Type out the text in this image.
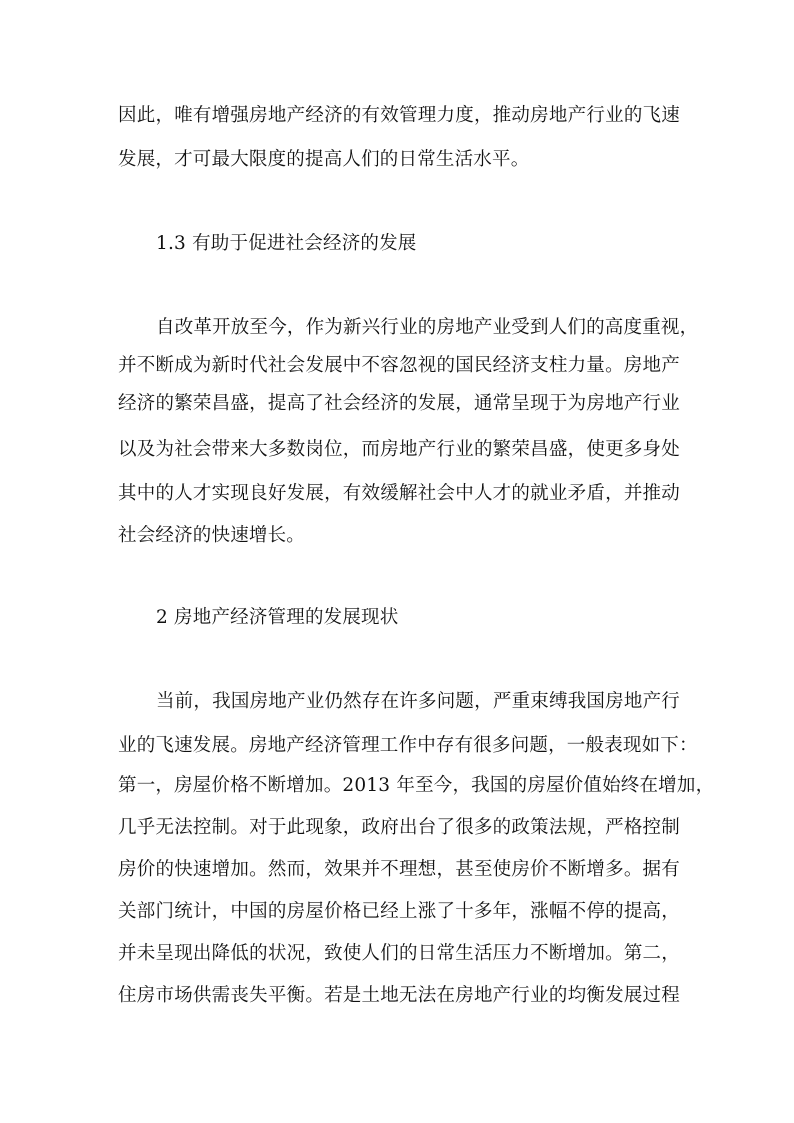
因此，唯有增强房地产经济的有效管理力度，推动房地产行业的飞速
发展，才可最大限度的提高人们的日常生活水平。
1.3 有助于促进社会经济的发展
自改革开放至今，作为新兴行业的房地产业受到人们的高度重视，
并不断成为新时代社会发展中不容忽视的国民经济支柱力量。房地产
经济的繁荣昌盛，提高了社会经济的发展，通常呈现于为房地产行业
以及为社会带来大多数岗位，而房地产行业的繁荣昌盛，使更多身处
其中的人才实现良好发展，有效缓解社会中人才的就业矛盾，并推动
社会经济的快速增长。
2 房地产经济管理的发展现状
当前，我国房地产业仍然存在许多问题，严重束缚我国房地产行
业的飞速发展。房地产经济管理工作中存有很多问题，一般表现如下：
第一，房屋价格不断增加。2013 年至今，我国的房屋价值始终在增加，
几乎无法控制。对于此现象，政府出台了很多的政策法规，严格控制
房价的快速增加。然而，效果并不理想，甚至使房价不断增多。据有
关部门统计，中国的房屋价格已经上涨了十多年，涨幅不停的提高，
并未呈现出降低的状况，致使人们的日常生活压力不断增加。第二，
住房市场供需丧失平衡。若是土地无法在房地产行业的均衡发展过程
